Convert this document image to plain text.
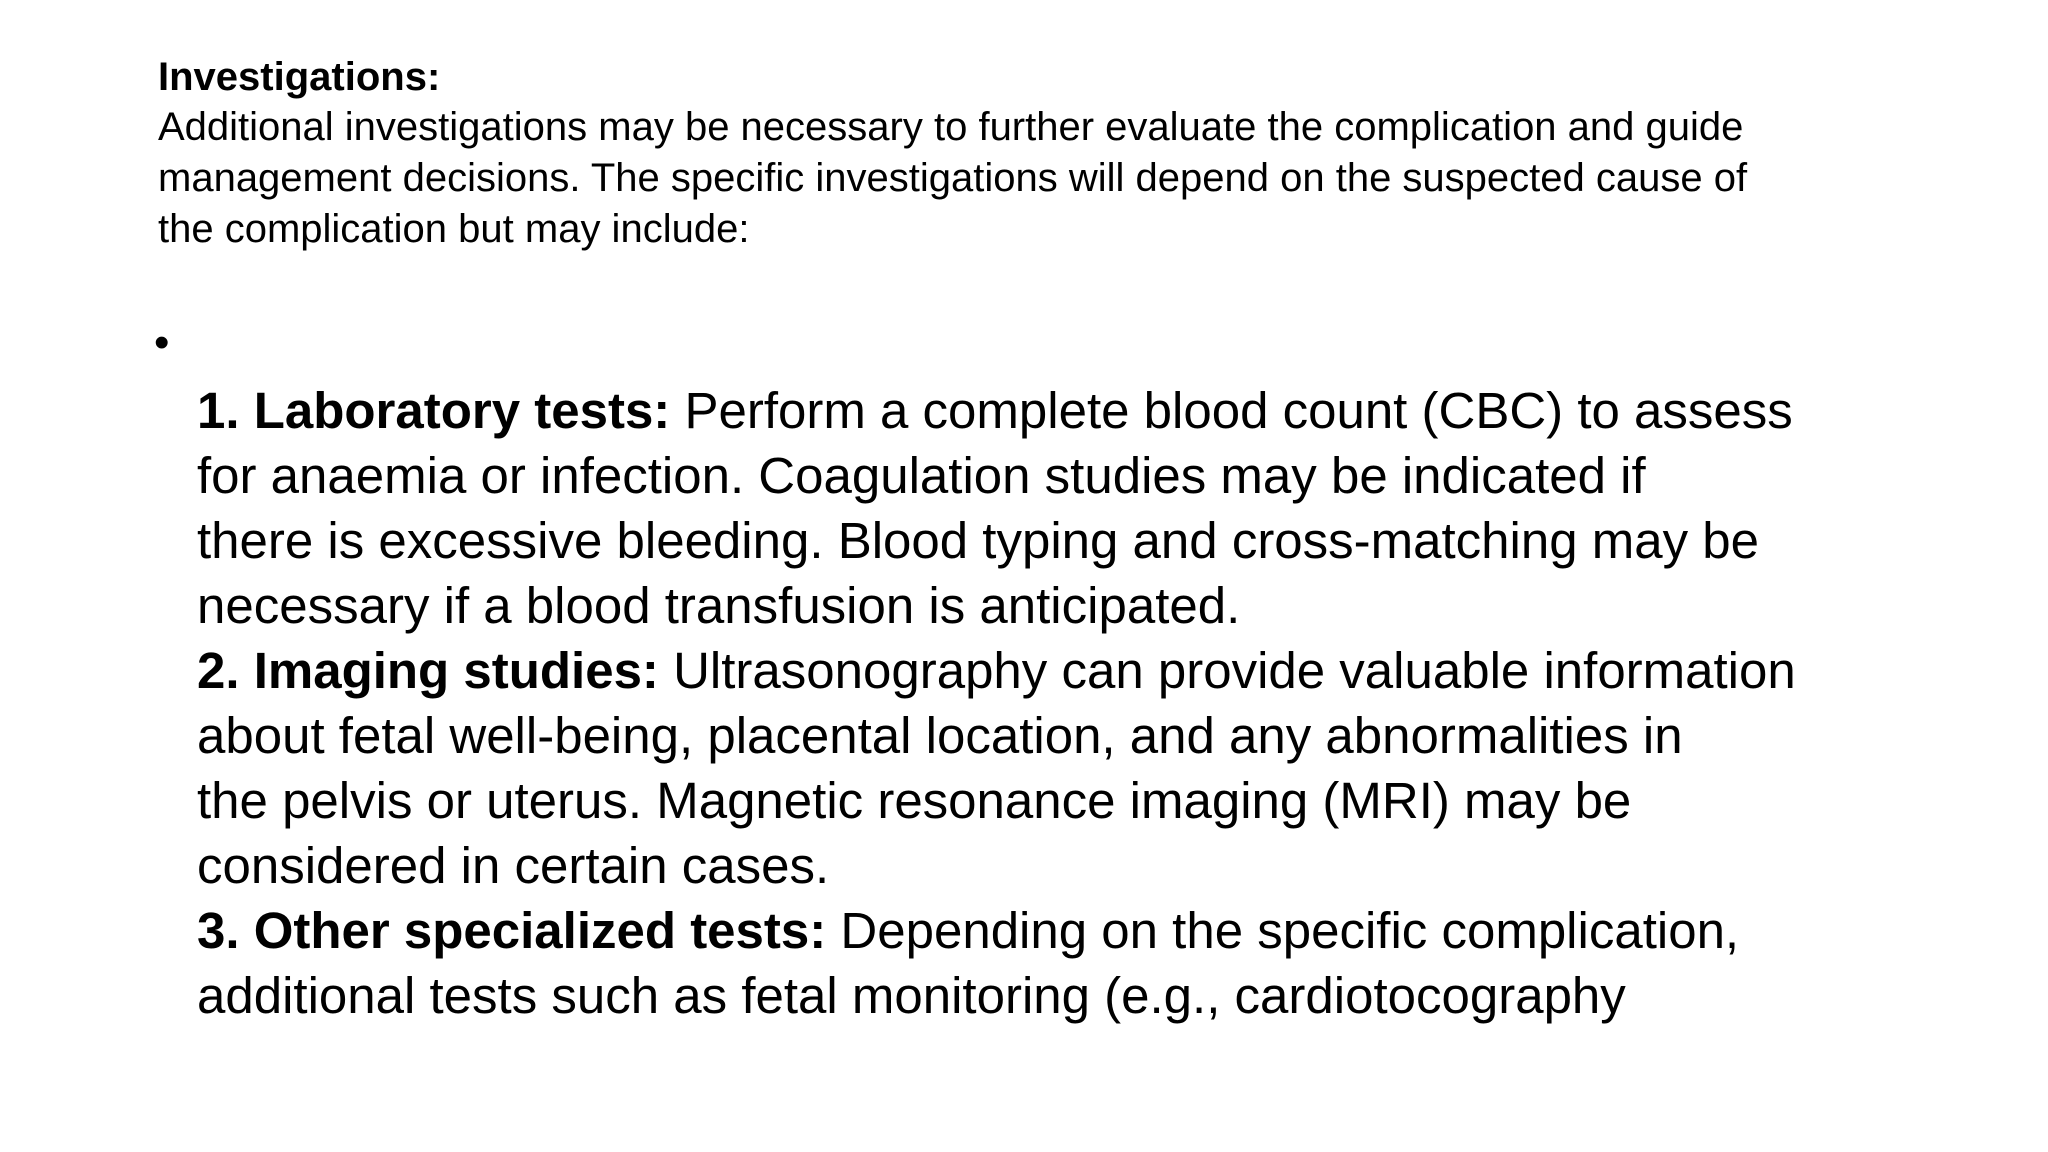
Investigations:
Additional investigations may be necessary to further evaluate the complication and guide
management decisions. The specific investigations will depend on the suspected cause of
the complication but may include:
•
1. Laboratory tests: Perform a complete blood count (CBC) to assess
for anaemia or infection. Coagulation studies may be indicated if
there is excessive bleeding. Blood typing and cross-matching may be
necessary if a blood transfusion is anticipated.
2. Imaging studies: Ultrasonography can provide valuable information
about fetal well-being, placental location, and any abnormalities in
the pelvis or uterus. Magnetic resonance imaging (MRI) may be
considered in certain cases.
3. Other specialized tests: Depending on the specific complication,
additional tests such as fetal monitoring (e.g., cardiotocography
